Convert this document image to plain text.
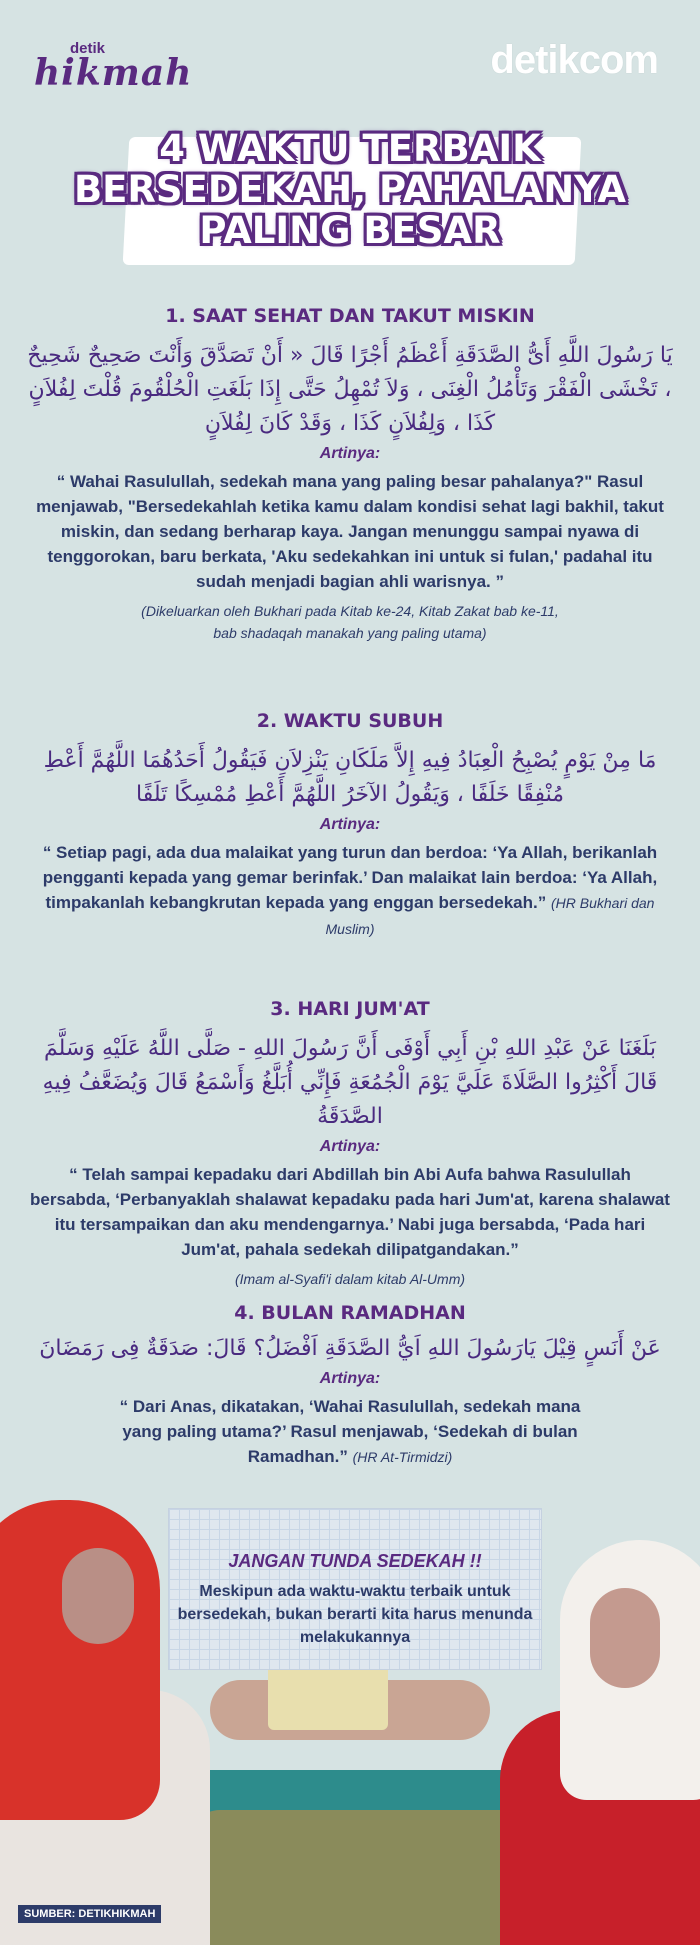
detik
hikmah	detikcom
4 WAKTU TERBAIK
BERSEDEKAH, PAHALANYA
PALING BESAR
1. SAAT SEHAT DAN TAKUT MISKIN
يَا رَسُولَ اللَّهِ أَىُّ الصَّدَقَةِ أَعْظَمُ أَجْرًا قَالَ « أَنْ تَصَدَّقَ وَأَنْتَ صَحِيحٌ شَحِيحٌ ، تَخْشَى الْفَقْرَ وَتَأْمُلُ الْغِنَى ، وَلاَ تُمْهِلُ حَتَّى إِذَا بَلَغَتِ الْحُلْقُومَ قُلْتَ لِفُلاَنٍ كَذَا ، وَلِفُلاَنٍ كَذَا ، وَقَدْ كَانَ لِفُلاَنٍ
Artinya:
“ Wahai Rasulullah, sedekah mana yang paling besar pahalanya?" Rasul menjawab, "Bersedekahlah ketika kamu dalam kondisi sehat lagi bakhil, takut miskin, dan sedang berharap kaya. Jangan menunggu sampai nyawa di tenggorokan, baru berkata, 'Aku sedekahkan ini untuk si fulan,' padahal itu sudah menjadi bagian ahli warisnya. ”
(Dikeluarkan oleh Bukhari pada Kitab ke-24, Kitab Zakat bab ke-11,
bab shadaqah manakah yang paling utama)
2. WAKTU SUBUH
مَا مِنْ يَوْمٍ يُصْبِحُ الْعِبَادُ فِيهِ إِلاَّ مَلَكَانِ يَنْزِلاَنِ فَيَقُولُ أَحَدُهُمَا اللَّهُمَّ أَعْطِ مُنْفِقًا خَلَفًا ، وَيَقُولُ الآخَرُ اللَّهُمَّ أَعْطِ مُمْسِكًا تَلَفًا
Artinya:
“ Setiap pagi, ada dua malaikat yang turun dan berdoa: ‘Ya Allah, berikanlah pengganti kepada yang gemar berinfak.’ Dan malaikat lain berdoa: ‘Ya Allah, timpakanlah kebangkrutan kepada yang enggan bersedekah.” (HR Bukhari dan Muslim)
3. HARI JUM'AT
بَلَغَنَا عَنْ عَبْدِ اللهِ بْنِ أَبِي أَوْفَى أَنَّ رَسُولَ اللهِ - صَلَّى اللَّهُ عَلَيْهِ وَسَلَّمَ قَالَ أَكْثِرُوا الصَّلَاةَ عَلَيَّ يَوْمَ الْجُمُعَةِ فَإِنِّي أُبَلَّغُ وَأَسْمَعُ قَالَ وَيُضَعَّفُ فِيهِ الصَّدَقَةُ
Artinya:
“ Telah sampai kepadaku dari Abdillah bin Abi Aufa bahwa Rasulullah bersabda, ‘Perbanyaklah shalawat kepadaku pada hari Jum'at, karena shalawat itu tersampaikan dan aku mendengarnya.’ Nabi juga bersabda, ‘Pada hari Jum'at, pahala sedekah dilipatgandakan.”
(Imam al-Syafi'i dalam kitab Al-Umm)
4. BULAN RAMADHAN
عَنْ أَنَسٍ قِيْلَ يَارَسُولَ اللهِ اَيُّ الصَّدَقَةِ اَفْضَلُ؟ قَالَ: صَدَقَةٌ فِى رَمَضَانَ
Artinya:
“ Dari Anas, dikatakan, ‘Wahai Rasulullah, sedekah mana yang paling utama?’ Rasul menjawab, ‘Sedekah di bulan Ramadhan.” (HR At-Tirmidzi)
JANGAN TUNDA SEDEKAH !!
Meskipun ada waktu-waktu terbaik untuk bersedekah, bukan berarti kita harus menunda melakukannya
SUMBER: DETIKHIKMAH
